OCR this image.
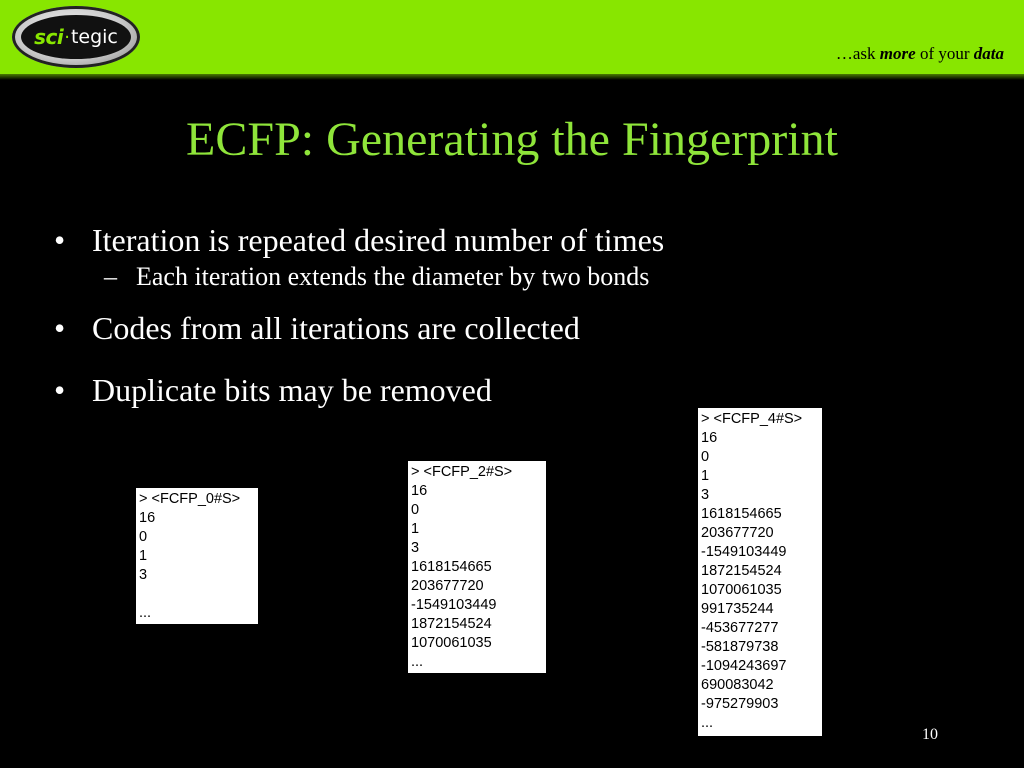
sci · tegic
…ask more of your data
ECFP: Generating the Fingerprint
• Iteration is repeated desired number of times
– Each iteration extends the diameter by two bonds
• Codes from all iterations are collected
• Duplicate bits may be removed
> <FCFP_0#S>
16
0
1
3
...
> <FCFP_2#S>
16
0
1
3
1618154665
203677720
-1549103449
1872154524
1070061035
...
> <FCFP_4#S>
16
0
1
3
1618154665
203677720
-1549103449
1872154524
1070061035
991735244
-453677277
-581879738
-1094243697
690083042
-975279903
...
10
